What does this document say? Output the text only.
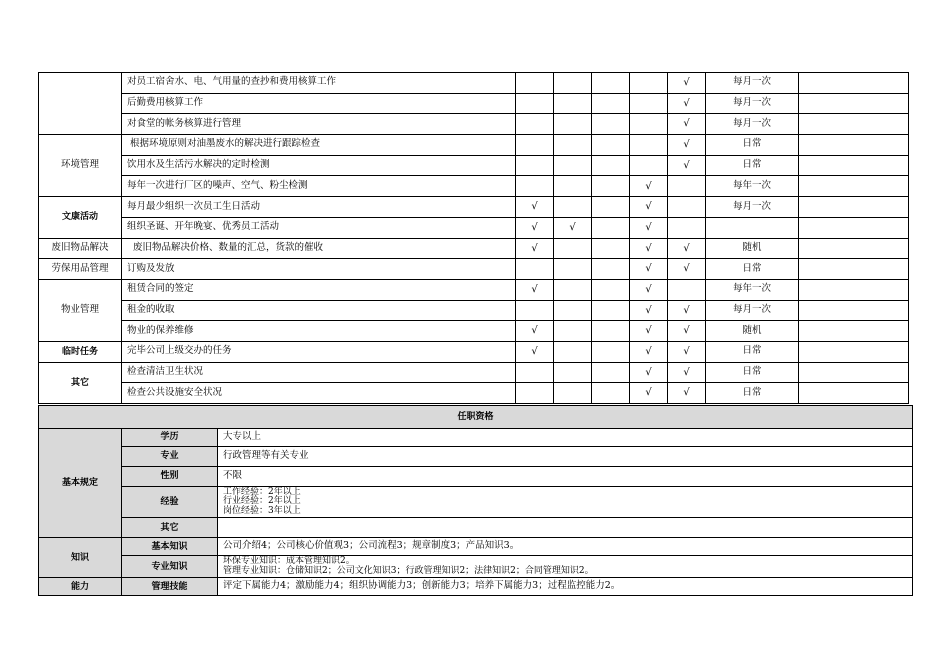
	对员工宿舍水、电、气用量的查抄和费用核算工作					√	每月一次	
	后勤费用核算工作					√	每月一次	
	对食堂的帐务核算进行管理					√	每月一次	
环境管理	根据环境原则对油墨废水的解决进行跟踪检查					√	日常	
	饮用水及生活污水解决的定时检测					√	日常	
	每年一次进行厂区的噪声、空气、粉尘检测				√		每年一次	
文康活动	每月最少组织一次员工生日活动	√			√		每月一次	
	组织圣诞、开年晚宴、优秀员工活动	√	√		√			
废旧物品解决	废旧物品解决价格、数量的汇总，货款的催收	√			√	√	随机	
劳保用品管理	订购及发放				√	√	日常	
物业管理	租赁合同的签定	√			√		每年一次	
	租金的收取				√	√	每月一次	
	物业的保养维修	√			√	√	随机	
临时任务	完毕公司上级交办的任务	√			√	√	日常	
其它	检查清洁卫生状况				√	√	日常	
	检查公共设施安全状况				√	√	日常	
任职资格		
基本规定	学历	大专以上
	专业	行政管理等有关专业
	性别	不限
	经验	工作经验：2年以上
行业经验：2年以上
岗位经验：3年以上

	其它	
知识	基本知识	公司介绍4；公司核心价值观3；公司流程3；规章制度3；产品知识3。
	专业知识	环保专业知识：成本管理知识2。
管理专业知识：仓储知识2；公司文化知识3；行政管理知识2；法律知识2；合同管理知识2。

能力	管理技能	评定下属能力4；激励能力4；组织协调能力3；创新能力3；培养下属能力3；过程监控能力2。
